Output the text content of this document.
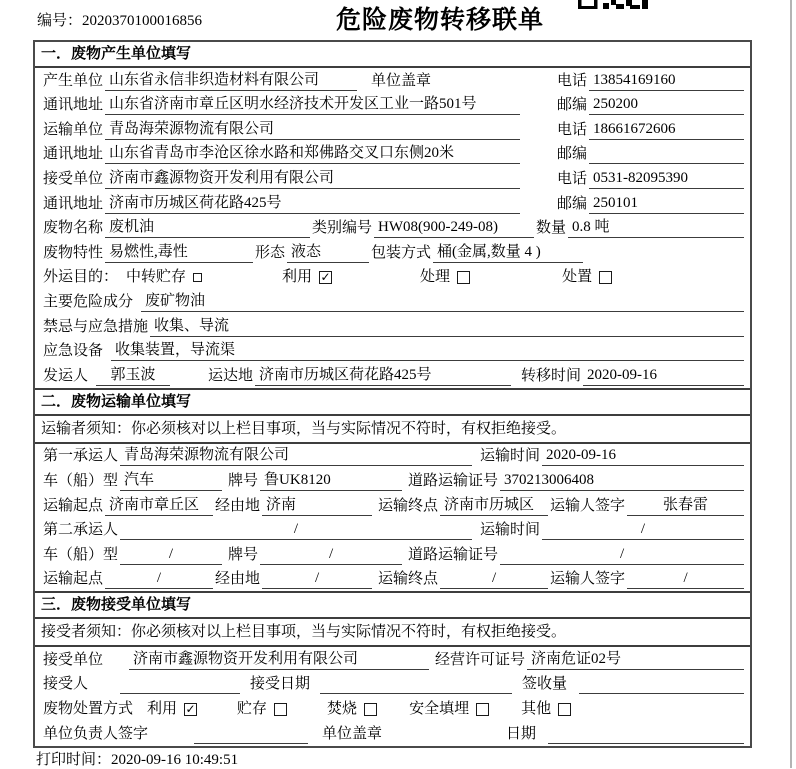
编号：2020370100016856	危险废物转移联单
一．废物产生单位填写
产生单位 山东省永信非织造材料有限公司	单位盖章	电话 13854169160
通讯地址 山东省济南市章丘区明水经济技术开发区工业一路501号	邮编 250200
运输单位 青岛海荣源物流有限公司	电话 18661672606
通讯地址 山东省青岛市李沧区徐水路和郑佛路交叉口东侧20米	邮编
接受单位 济南市鑫源物资开发利用有限公司	电话 0531-82095390
通讯地址 济南市历城区荷花路425号	邮编 250101
废物名称 废机油	类别编号 HW08(900-249-08)	数量 0.8 吨
废物特性 易燃性,毒性	形态 液态	包装方式 桶(金属,数量 4 )
外运目的： 中转贮存	利用 ✓	处理	处置
主要危险成分 废矿物油
禁忌与应急措施 收集、导流
应急设备 收集装置，导流渠
发运人	郭玉波	运达地 济南市历城区荷花路425号	转移时间 2020-09-16
二．废物运输单位填写
运输者须知：你必须核对以上栏目事项，当与实际情况不符时，有权拒绝接受。
第一承运人 青岛海荣源物流有限公司	运输时间 2020-09-16
车（船）型 汽车	牌号 鲁UK8120	道路运输证号 370213006408
运输起点 济南市章丘区	经由地 济南	运输终点 济南市历城区	运输人签字	张春雷
第二承运人	/	运输时间	/
车（船）型	/	牌号	/	道路运输证号	/
运输起点	/	经由地	/	运输终点	/	运输人签字	/
三．废物接受单位填写
接受者须知：你必须核对以上栏目事项，当与实际情况不符时，有权拒绝接受。
接受单位 济南市鑫源物资开发利用有限公司	经营许可证号 济南危证02号
接受人	接受日期	签收量
废物处置方式 利用 ✓	贮存	焚烧	安全填埋	其他
单位负责人签字	单位盖章	日期
打印时间：2020-09-16 10:49:51
